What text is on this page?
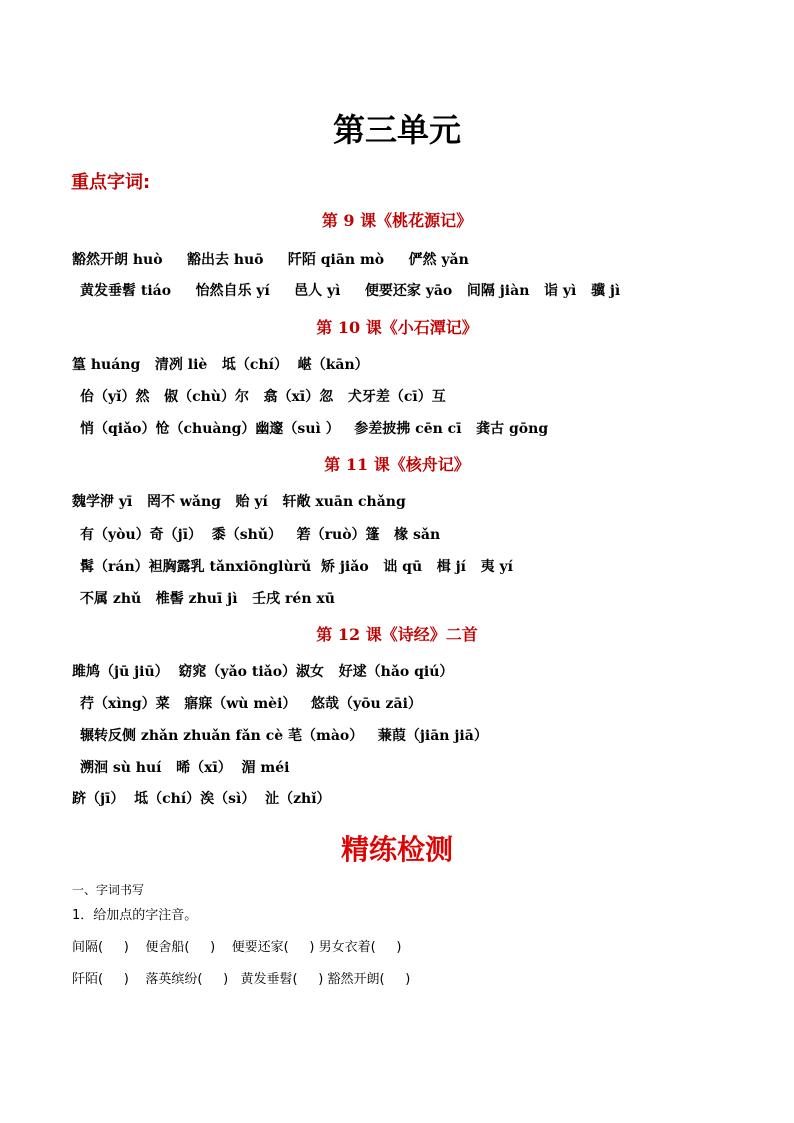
第三单元
重点字词:
第 9 课《桃花源记》
豁然开朗 huò     豁出去 huō     阡陌 qiān mò     俨然 yǎn
黄发垂髫 tiáo     怡然自乐 yí     邑人 yì     便要还家 yāo   间隔 jiàn   诣 yì   骥 jì
第 10 课《小石潭记》
篁 huáng   清冽 liè   坻（chí）  嵁（kān）
佁（yǐ）然   俶（chù）尔   翕（xī）忽   犬牙差（cī）互
悄（qiǎo）怆（chuàng）幽邃（suì ）   参差披拂 cēn cī   龚古 gōng
第 11 课《核舟记》
魏学洢 yī   罔不 wǎng   贻 yí   轩敞 xuān chǎng
有（yòu）奇（jī）  黍（shǔ）   箬（ruò）篷   椽 sǎn
髯（rán）袒胸露乳 tǎnxiōnglùrǔ  矫 jiǎo   诎 qū   楫 jí   夷 yí
不属 zhǔ   椎髻 zhuī jì   壬戌 rén xū
第 12 课《诗经》二首
雎鸠（jū jiū）  窈窕（yǎo tiǎo）淑女   好逑（hǎo qiú）
荇（xìng）菜   寤寐（wù mèi）   悠哉（yōu zāi）
辗转反侧 zhǎn zhuǎn fǎn cè 芼（mào）   蒹葭（jiān jiā）
溯洄 sù huí   晞（xī）  湄 méi
跻（jī）  坻（chí）涘（sì）  沚（zhǐ）
精练检测
一、字词书写
1．给加点的字注音。
间隔(     )    便舍船(     )    便要还家(     ) 男女衣着(     )
阡陌(     )    落英缤纷(     )   黄发垂髫(     ) 豁然开朗(     )
